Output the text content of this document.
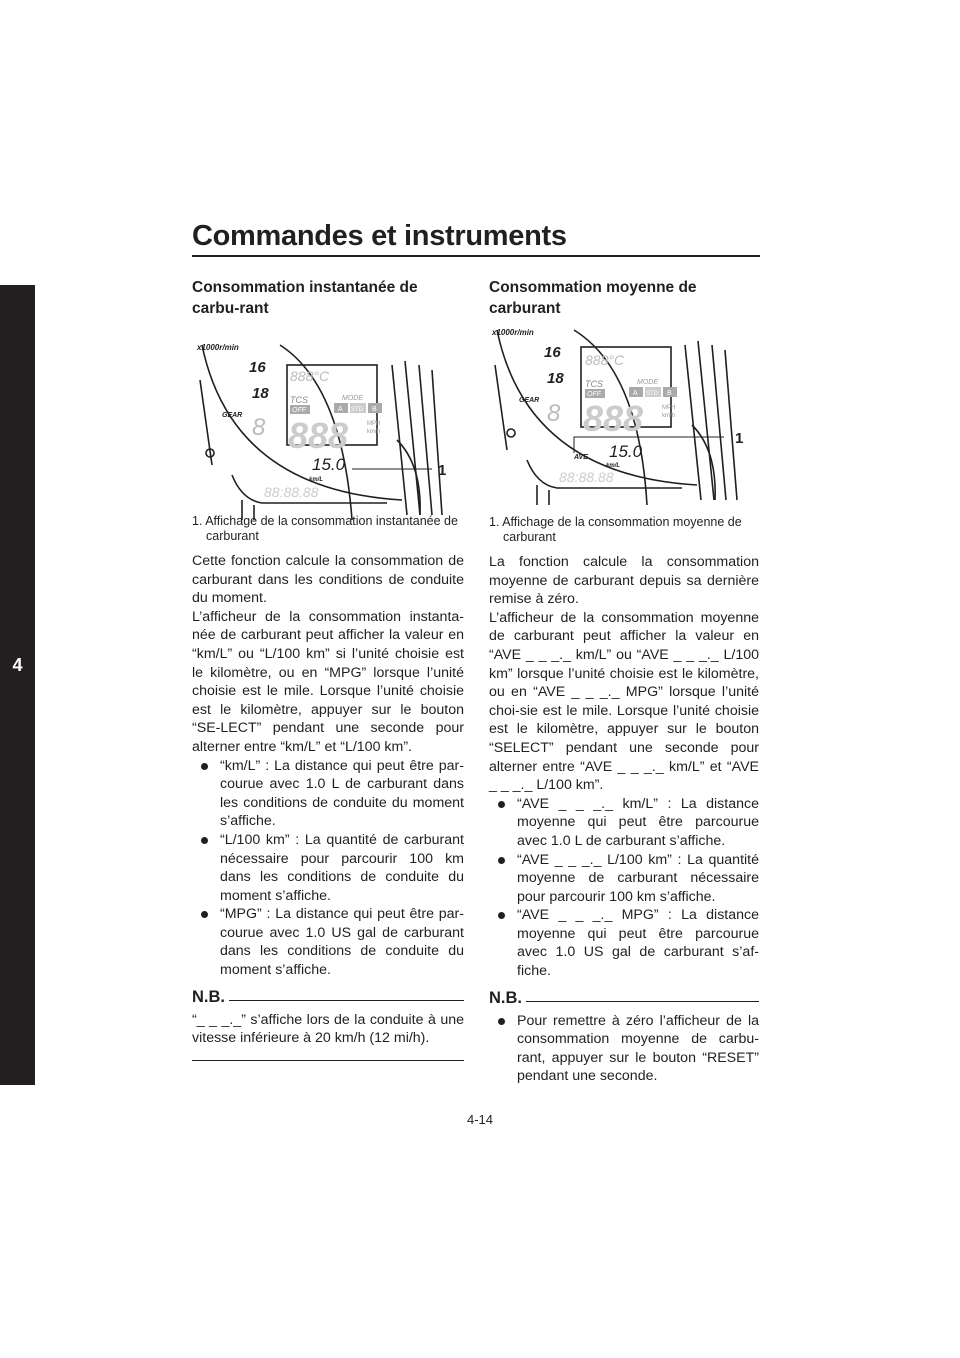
Commandes et instruments
4
Consommation instantanée de carbu-rant
x1000r/min
16
18
GEAR 8
888°C
TCS
OFF
MODE
A STD B
888	MPH
km/h
15.0
km/L
88:88.88
1
1. Affichage de la consommation instantanée de carburant

Cette fonction calcule la consommation de carburant dans les conditions de conduite du moment.

L’afficheur de la consommation instanta-née de carburant peut afficher la valeur en “km/L” ou “L/100 km” si l’unité choisie est le kilomètre, ou en “MPG” lorsque l’unité choisie est le mile. Lorsque l’unité choisie est le kilomètre, appuyer sur le bouton “SE-LECT” pendant une seconde pour alterner entre “km/L” et “L/100 km”.

“km/L” : La distance qui peut être par-courue avec 1.0 L de carburant dans les conditions de conduite du moment s’affiche.
“L/100 km” : La quantité de carburant nécessaire pour parcourir 100 km dans les conditions de conduite du moment s’affiche.
“MPG” : La distance qui peut être par-courue avec 1.0 US gal de carburant dans les conditions de conduite du moment s’affiche.
N.B.

“_ _ _._” s’affiche lors de la conduite à une vitesse inférieure à 20 km/h (12 mi/h).

Consommation moyenne de carburant
x1000r/min
16
18
GEAR 8
888°C
TCS
OFF
MODE
A STD B
888	MPH
km/h
AVE 15.0
km/L
88:88.88
1
1. Affichage de la consommation moyenne de carburant

La fonction calcule la consommation moyenne de carburant depuis sa dernière remise à zéro.

L’afficheur de la consommation moyenne de carburant peut afficher la valeur en “AVE _ _ _._ km/L” ou “AVE _ _ _._ L/100 km” lorsque l’unité choisie est le kilomètre, ou en “AVE _ _ _._ MPG” lorsque l’unité choi-sie est le mile. Lorsque l’unité choisie est le kilomètre, appuyer sur le bouton “SELECT” pendant une seconde pour alterner entre “AVE _ _ _._ km/L” et “AVE _ _ _._ L/100 km”.

“AVE _ _ _._ km/L” : La distance moyenne qui peut être parcourue avec 1.0 L de carburant s’affiche.
“AVE _ _ _._ L/100 km” : La quantité moyenne de carburant nécessaire pour parcourir 100 km s’affiche.
“AVE _ _ _._ MPG” : La distance moyenne qui peut être parcourue avec 1.0 US gal de carburant s’af-fiche.
N.B.
Pour remettre à zéro l’afficheur de la consommation moyenne de carbu-rant, appuyer sur le bouton “RESET” pendant une seconde.
4-14
